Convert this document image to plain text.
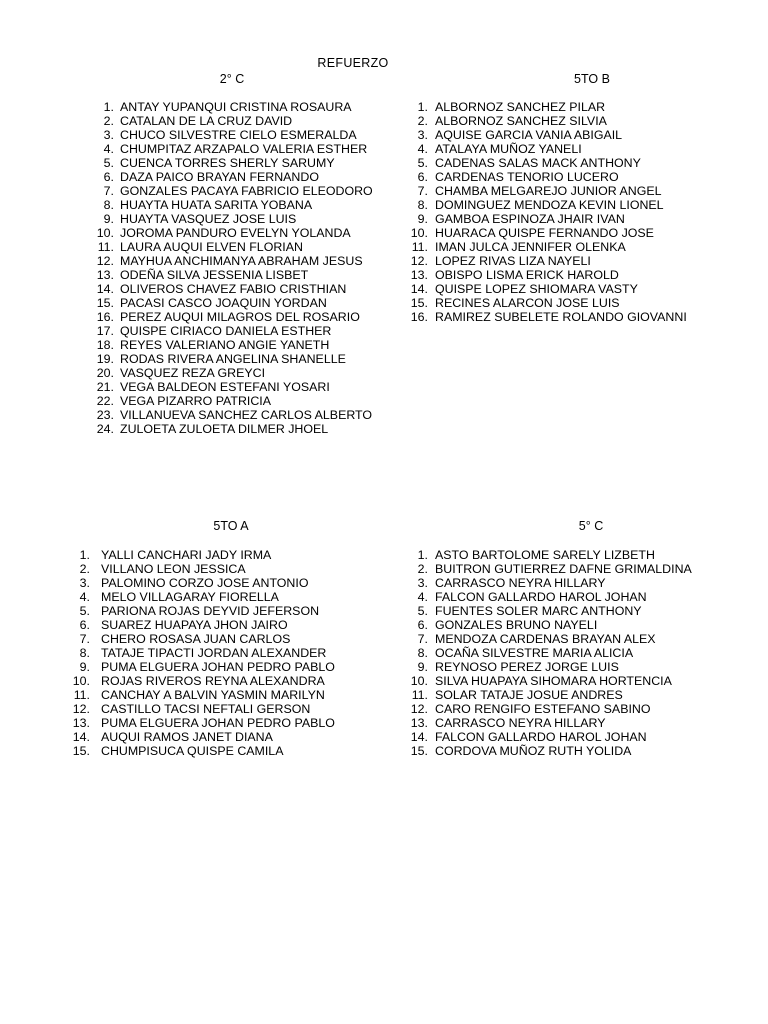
REFUERZO
2° C	5TO B
5TO A	5° C
1. ANTAY YUPANQUI CRISTINA ROSAURA
2. CATALAN DE LA CRUZ DAVID
3. CHUCO SILVESTRE CIELO ESMERALDA
4. CHUMPITAZ ARZAPALO VALERIA ESTHER
5. CUENCA TORRES SHERLY SARUMY
6. DAZA PAICO BRAYAN FERNANDO
7. GONZALES PACAYA FABRICIO ELEODORO
8. HUAYTA HUATA SARITA YOBANA
9. HUAYTA VASQUEZ JOSE LUIS
10. JOROMA PANDURO EVELYN YOLANDA
11. LAURA AUQUI ELVEN FLORIAN
12. MAYHUA ANCHIMANYA ABRAHAM JESUS
13. ODEÑA SILVA JESSENIA LISBET
14. OLIVEROS CHAVEZ FABIO CRISTHIAN
15. PACASI CASCO JOAQUIN YORDAN
16. PEREZ AUQUI MILAGROS DEL ROSARIO
17. QUISPE CIRIACO DANIELA ESTHER
18. REYES VALERIANO ANGIE YANETH
19. RODAS RIVERA ANGELINA SHANELLE
20. VASQUEZ REZA GREYCI
21. VEGA BALDEON ESTEFANI YOSARI
22. VEGA PIZARRO PATRICIA
23. VILLANUEVA SANCHEZ CARLOS ALBERTO
24. ZULOETA ZULOETA DILMER JHOEL
1. ALBORNOZ SANCHEZ PILAR
2. ALBORNOZ SANCHEZ SILVIA
3. AQUISE GARCIA VANIA ABIGAIL
4. ATALAYA MUÑOZ YANELI
5. CADENAS SALAS MACK ANTHONY
6. CARDENAS TENORIO LUCERO
7. CHAMBA MELGAREJO JUNIOR ANGEL
8. DOMINGUEZ MENDOZA KEVIN LIONEL
9. GAMBOA ESPINOZA JHAIR IVAN
10. HUARACA QUISPE FERNANDO JOSE
11. IMAN JULCA JENNIFER OLENKA
12. LOPEZ RIVAS LIZA NAYELI
13. OBISPO LISMA ERICK HAROLD
14. QUISPE LOPEZ SHIOMARA VASTY
15. RECINES ALARCON JOSE LUIS
16. RAMIREZ SUBELETE ROLANDO GIOVANNI
1. YALLI CANCHARI JADY IRMA
2. VILLANO LEON JESSICA
3. PALOMINO CORZO JOSE ANTONIO
4. MELO VILLAGARAY FIORELLA
5. PARIONA ROJAS DEYVID JEFERSON
6. SUAREZ HUAPAYA JHON JAIRO
7. CHERO ROSASA JUAN CARLOS
8. TATAJE TIPACTI JORDAN ALEXANDER
9. PUMA ELGUERA JOHAN PEDRO PABLO
10. ROJAS RIVEROS REYNA ALEXANDRA
11. CANCHAY A BALVIN YASMIN MARILYN
12. CASTILLO TACSI NEFTALI GERSON
13. PUMA ELGUERA JOHAN PEDRO PABLO
14. AUQUI RAMOS JANET DIANA
15. CHUMPISUCA QUISPE CAMILA
1. ASTO BARTOLOME SARELY LIZBETH
2. BUITRON GUTIERREZ DAFNE GRIMALDINA
3. CARRASCO NEYRA HILLARY
4. FALCON GALLARDO HAROL JOHAN
5. FUENTES SOLER MARC ANTHONY
6. GONZALES BRUNO NAYELI
7. MENDOZA CARDENAS BRAYAN ALEX
8. OCAÑA SILVESTRE MARIA ALICIA
9. REYNOSO PEREZ JORGE LUIS
10. SILVA HUAPAYA SIHOMARA HORTENCIA
11. SOLAR TATAJE JOSUE ANDRES
12. CARO RENGIFO ESTEFANO SABINO
13. CARRASCO NEYRA HILLARY
14. FALCON GALLARDO HAROL JOHAN
15. CORDOVA MUÑOZ RUTH YOLIDA
